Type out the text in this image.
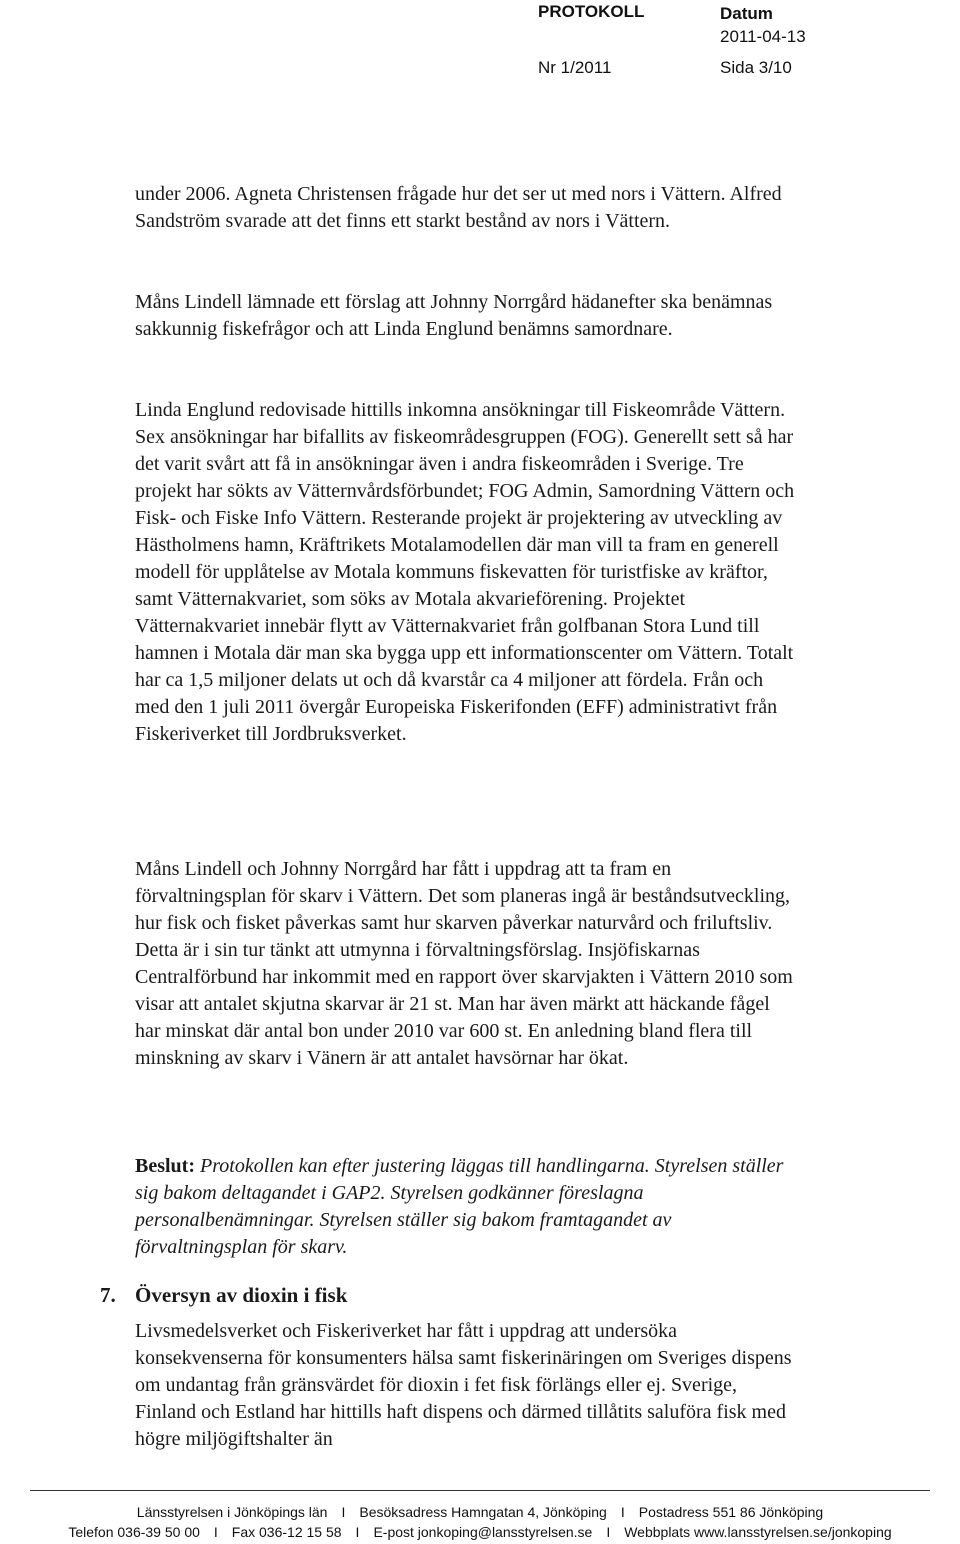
PROTOKOLL	Datum
2011-04-13
Nr 1/2011	Sida 3/10

under 2006. Agneta Christensen frågade hur det ser ut med nors i Vättern. Alfred Sandström svarade att det finns ett starkt bestånd av nors i Vättern.

Måns Lindell lämnade ett förslag att Johnny Norrgård hädanefter ska benämnas sakkunnig fiskefrågor och att Linda Englund benämns samordnare.

Linda Englund redovisade hittills inkomna ansökningar till Fiskeområde Vättern. Sex ansökningar har bifallits av fiskeområdesgruppen (FOG). Generellt sett så har det varit svårt att få in ansökningar även i andra fiskeområden i Sverige. Tre projekt har sökts av Vätternvårdsförbundet; FOG Admin, Samordning Vättern och Fisk- och Fiske Info Vättern. Resterande projekt är projektering av utveckling av Hästholmens hamn, Kräftrikets Motalamodellen där man vill ta fram en generell modell för upplåtelse av Motala kommuns fiskevatten för turistfiske av kräftor, samt Vätternakvariet, som söks av Motala akvarieförening. Projektet Vätternakvariet innebär flytt av Vätternakvariet från golfbanan Stora Lund till hamnen i Motala där man ska bygga upp ett informationscenter om Vättern. Totalt har ca 1,5 miljoner delats ut och då kvarstår ca 4 miljoner att fördela. Från och med den 1 juli 2011 övergår Europeiska Fiskerifonden (EFF) administrativt från Fiskeriverket till Jordbruksverket.

Måns Lindell och Johnny Norrgård har fått i uppdrag att ta fram en förvaltningsplan för skarv i Vättern. Det som planeras ingå är beståndsutveckling, hur fisk och fisket påverkas samt hur skarven påverkar naturvård och friluftsliv. Detta är i sin tur tänkt att utmynna i förvaltningsförslag. Insjöfiskarnas Centralförbund har inkommit med en rapport över skarvjakten i Vättern 2010 som visar att antalet skjutna skarvar är 21 st. Man har även märkt att häckande fågel har minskat där antal bon under 2010 var 600 st. En anledning bland flera till minskning av skarv i Vänern är att antalet havsörnar har ökat.

Beslut: Protokollen kan efter justering läggas till handlingarna. Styrelsen ställer sig bakom deltagandet i GAP2. Styrelsen godkänner föreslagna personalbenämningar. Styrelsen ställer sig bakom framtagandet av förvaltningsplan för skarv.
7. Översyn av dioxin i fisk

Livsmedelsverket och Fiskeriverket har fått i uppdrag att undersöka konsekvenserna för konsumenters hälsa samt fiskerinäringen om Sveriges dispens om undantag från gränsvärdet för dioxin i fet fisk förlängs eller ej. Sverige, Finland och Estland har hittills haft dispens och därmed tillåtits saluföra fisk med högre miljögiftshalter än

Länsstyrelsen i Jönköpings län I Besöksadress Hamngatan 4, Jönköping I Postadress 551 86 Jönköping
Telefon 036-39 50 00 I Fax 036-12 15 58 I E-post jonkoping@lansstyrelsen.se I Webbplats www.lansstyrelsen.se/jonkoping
